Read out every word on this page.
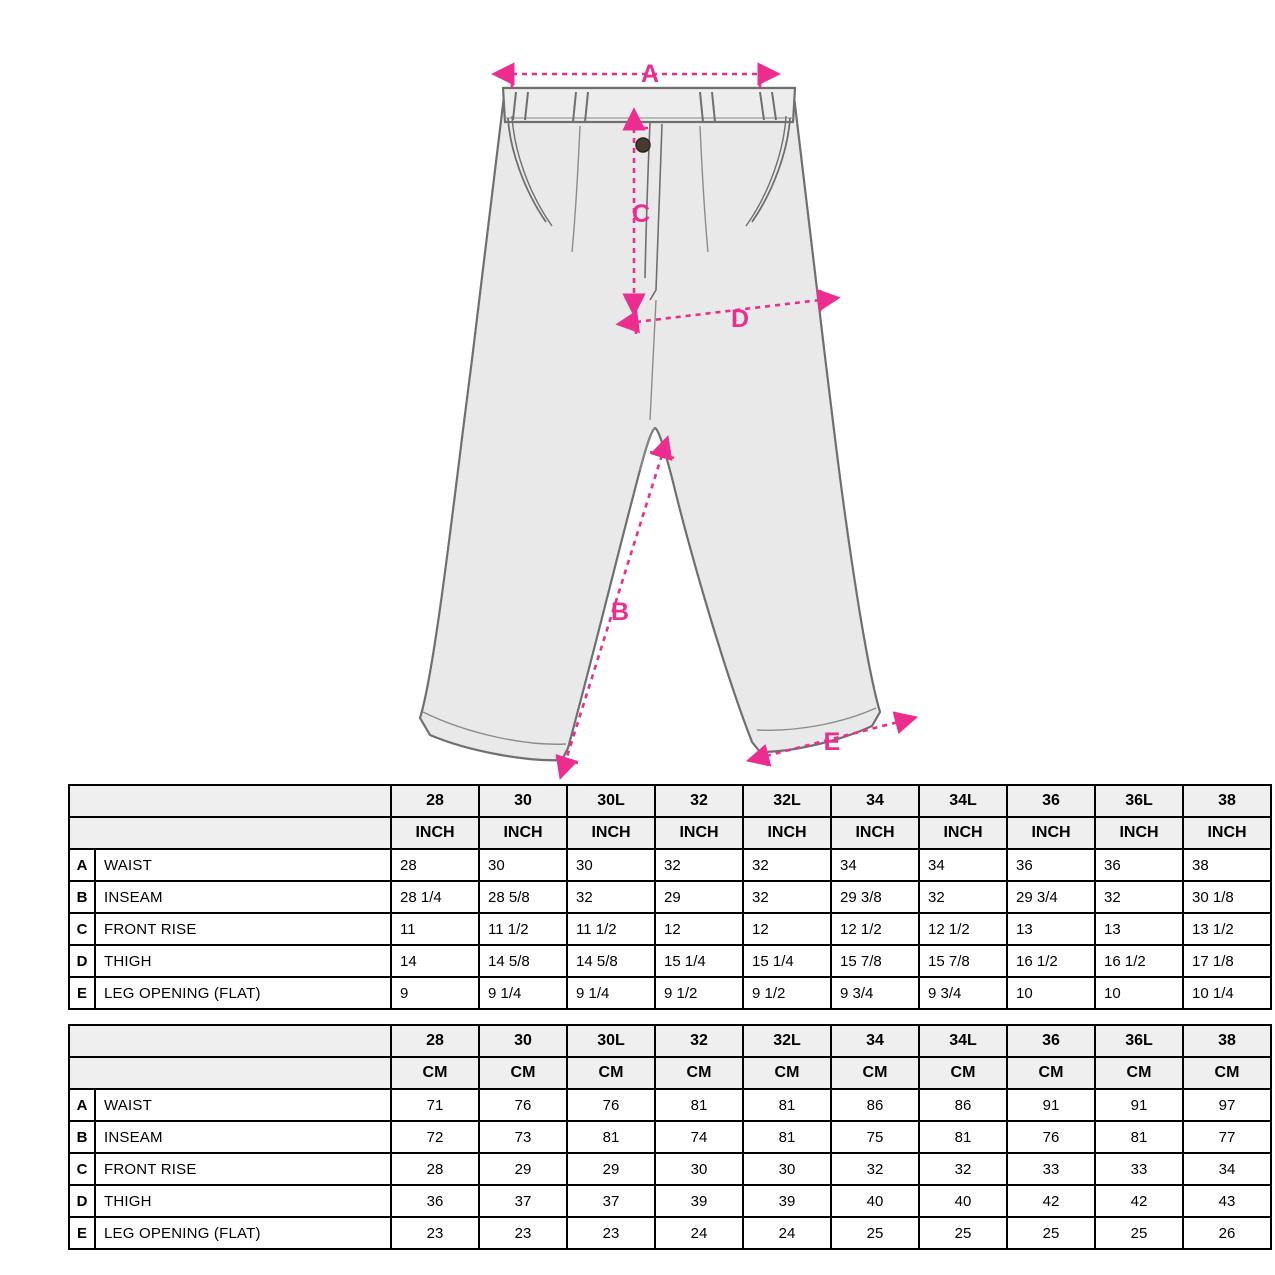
A
C
D
B
E
		28	30	30L	32	32L	34	34L	36	36L	38
		INCH	INCH	INCH	INCH	INCH	INCH	INCH	INCH	INCH	INCH
A	WAIST	28	30	30	32	32	34	34	36	36	38
B	INSEAM	28 1/4	28 5/8	32	29	32	29 3/8	32	29 3/4	32	30 1/8
C	FRONT RISE	11	11 1/2	11 1/2	12	12	12 1/2	12 1/2	13	13	13 1/2
D	THIGH	14	14 5/8	14 5/8	15 1/4	15 1/4	15 7/8	15 7/8	16 1/2	16 1/2	17 1/8
E	LEG OPENING (FLAT)	9	9 1/4	9 1/4	9 1/2	9 1/2	9 3/4	9 3/4	10	10	10 1/4
		28	30	30L	32	32L	34	34L	36	36L	38
		CM	CM	CM	CM	CM	CM	CM	CM	CM	CM
A	WAIST	71	76	76	81	81	86	86	91	91	97
B	INSEAM	72	73	81	74	81	75	81	76	81	77
C	FRONT RISE	28	29	29	30	30	32	32	33	33	34
D	THIGH	36	37	37	39	39	40	40	42	42	43
E	LEG OPENING (FLAT)	23	23	23	24	24	25	25	25	25	26
